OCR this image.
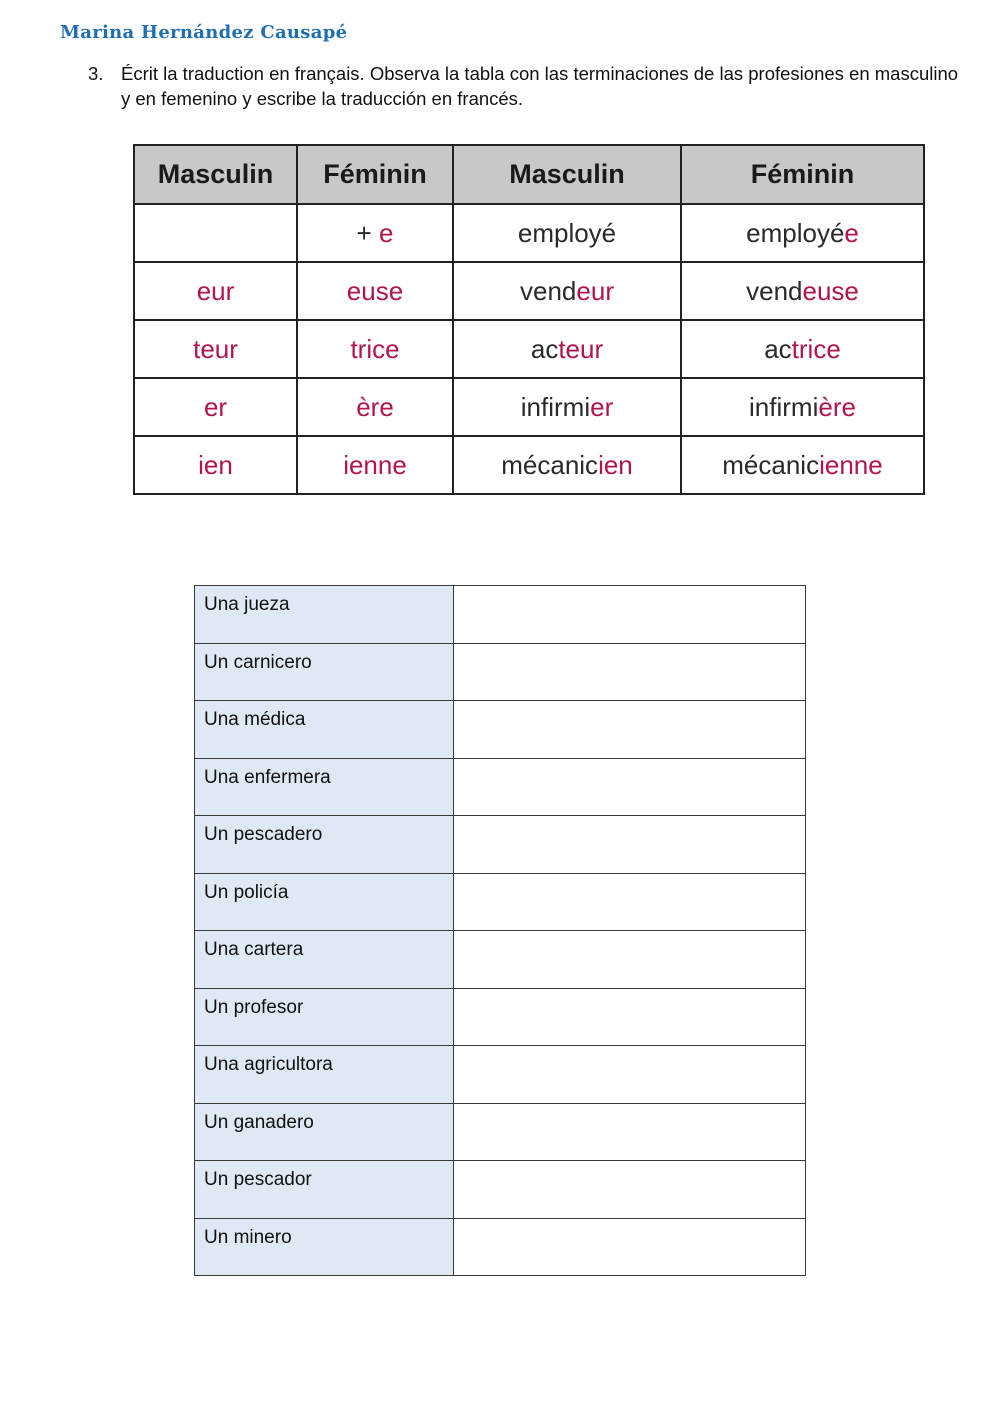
Marina Hernández Causapé
3. Écrit la traduction en français. Observa la tabla con las terminaciones de las profesiones en masculino y en femenino y escribe la traducción en francés.
Masculin	Féminin	Masculin	Féminin
	+ e	employé	employée
eur	euse	vendeur	vendeuse
teur	trice	acteur	actrice
er	ère	infirmier	infirmière
ien	ienne	mécanicien	mécanicienne
Una jueza	
Un carnicero	
Una médica	
Una enfermera	
Un pescadero	
Un policía	
Una cartera	
Un profesor	
Una agricultora	
Un ganadero	
Un pescador	
Un minero	
